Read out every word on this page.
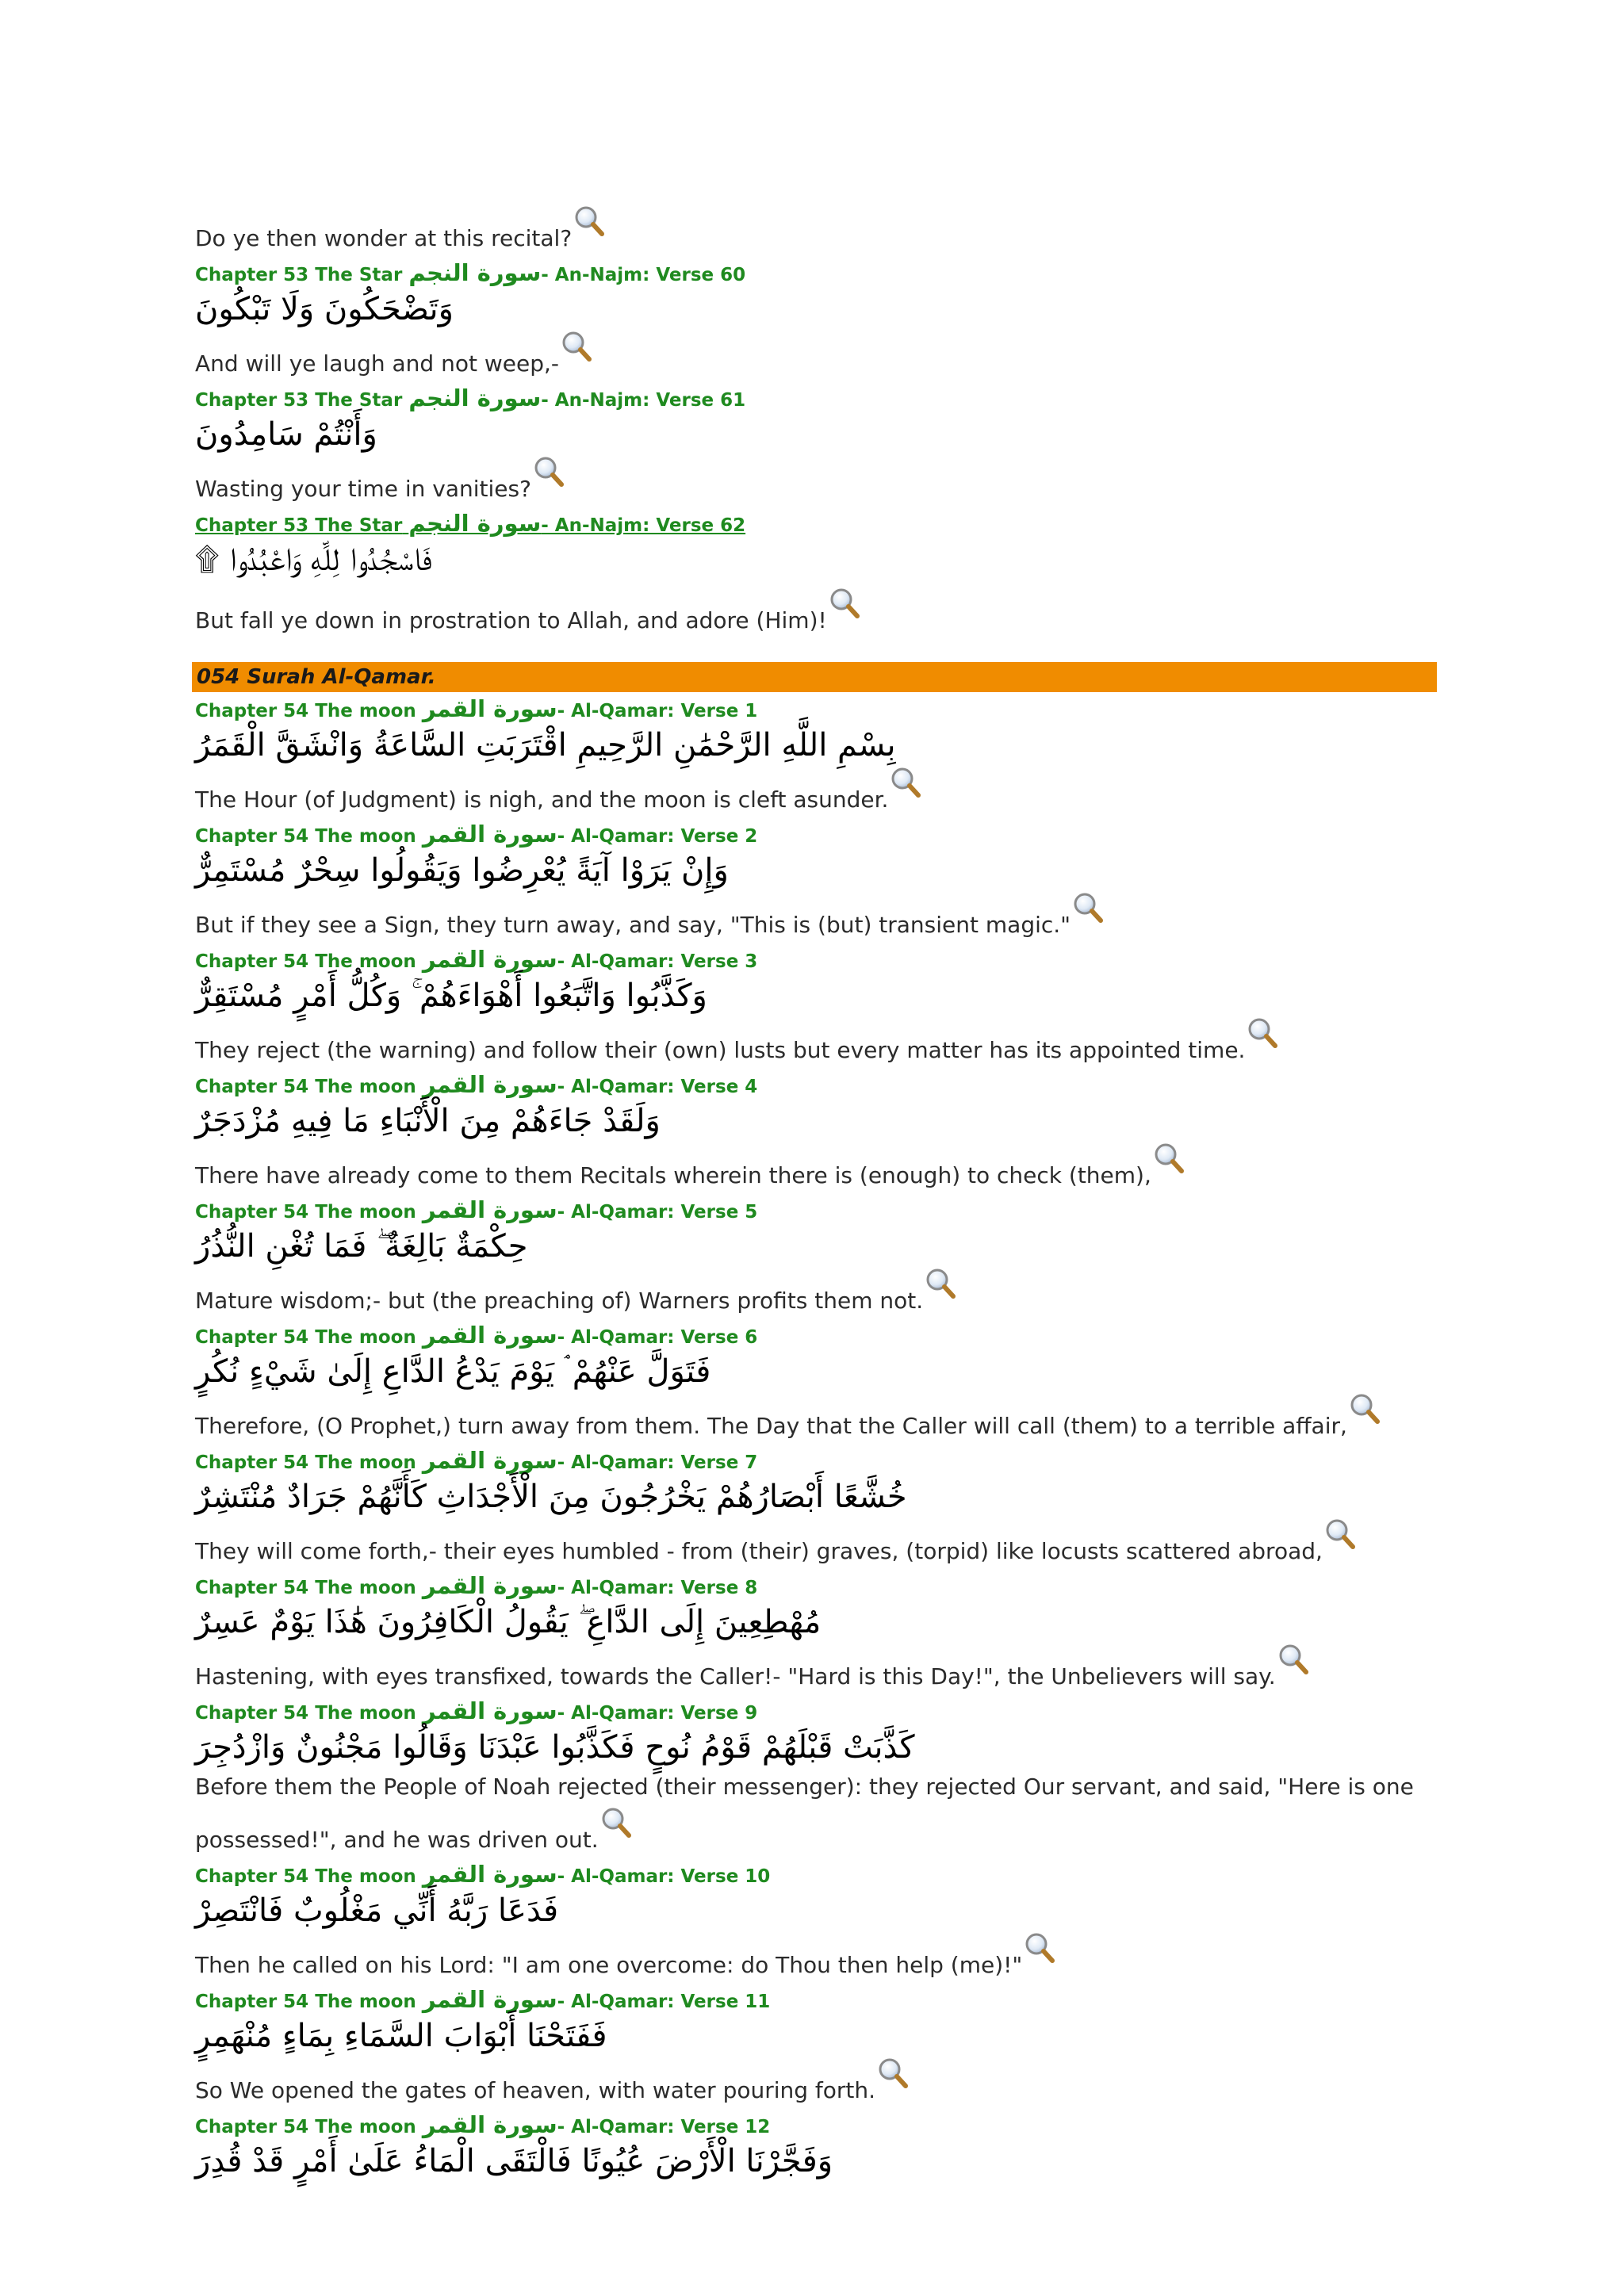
Do ye then wonder at this recital?
Chapter 53 The Star سورة النجم- An-Najm: Verse 60
وَتَضْحَكُونَ وَلَا تَبْكُونَ
And will ye laugh and not weep,-
Chapter 53 The Star سورة النجم- An-Najm: Verse 61
وَأَنْتُمْ سَامِدُونَ
Wasting your time in vanities?
Chapter 53 The Star سورة النجم- An-Najm: Verse 62
فَاسْجُدُوا لِلَّهِ وَاعْبُدُوا ۩
But fall ye down in prostration to Allah, and adore (Him)!
054 Surah Al-Qamar.
Chapter 54 The moon سورة القمر- Al-Qamar: Verse 1
بِسْمِ اللَّهِ الرَّحْمَٰنِ الرَّحِيمِ اقْتَرَبَتِ السَّاعَةُ وَانْشَقَّ الْقَمَرُ
The Hour (of Judgment) is nigh, and the moon is cleft asunder.
Chapter 54 The moon سورة القمر- Al-Qamar: Verse 2
وَإِنْ يَرَوْا آيَةً يُعْرِضُوا وَيَقُولُوا سِحْرٌ مُسْتَمِرٌّ
But if they see a Sign, they turn away, and say, "This is (but) transient magic."
Chapter 54 The moon سورة القمر- Al-Qamar: Verse 3
وَكَذَّبُوا وَاتَّبَعُوا أَهْوَاءَهُمْ ۚ وَكُلُّ أَمْرٍ مُسْتَقِرٌّ
They reject (the warning) and follow their (own) lusts but every matter has its appointed time.
Chapter 54 The moon سورة القمر- Al-Qamar: Verse 4
وَلَقَدْ جَاءَهُمْ مِنَ الْأَنْبَاءِ مَا فِيهِ مُزْدَجَرٌ
There have already come to them Recitals wherein there is (enough) to check (them),
Chapter 54 The moon سورة القمر- Al-Qamar: Verse 5
حِكْمَةٌ بَالِغَةٌ ۖ فَمَا تُغْنِ النُّذُرُ
Mature wisdom;- but (the preaching of) Warners profits them not.
Chapter 54 The moon سورة القمر- Al-Qamar: Verse 6
فَتَوَلَّ عَنْهُمْ ۘ يَوْمَ يَدْعُ الدَّاعِ إِلَىٰ شَيْءٍ نُكُرٍ
Therefore, (O Prophet,) turn away from them. The Day that the Caller will call (them) to a terrible affair,
Chapter 54 The moon سورة القمر- Al-Qamar: Verse 7
خُشَّعًا أَبْصَارُهُمْ يَخْرُجُونَ مِنَ الْأَجْدَاثِ كَأَنَّهُمْ جَرَادٌ مُنْتَشِرٌ
They will come forth,- their eyes humbled - from (their) graves, (torpid) like locusts scattered abroad,
Chapter 54 The moon سورة القمر- Al-Qamar: Verse 8
مُهْطِعِينَ إِلَى الدَّاعِ ۖ يَقُولُ الْكَافِرُونَ هَٰذَا يَوْمٌ عَسِرٌ
Hastening, with eyes transfixed, towards the Caller!- "Hard is this Day!", the Unbelievers will say.
Chapter 54 The moon سورة القمر- Al-Qamar: Verse 9
كَذَّبَتْ قَبْلَهُمْ قَوْمُ نُوحٍ فَكَذَّبُوا عَبْدَنَا وَقَالُوا مَجْنُونٌ وَازْدُجِرَ
Before them the People of Noah rejected (their messenger): they rejected Our servant, and said, "Here is one possessed!", and he was driven out.
Chapter 54 The moon سورة القمر- Al-Qamar: Verse 10
فَدَعَا رَبَّهُ أَنِّي مَغْلُوبٌ فَانْتَصِرْ
Then he called on his Lord: "I am one overcome: do Thou then help (me)!"
Chapter 54 The moon سورة القمر- Al-Qamar: Verse 11
فَفَتَحْنَا أَبْوَابَ السَّمَاءِ بِمَاءٍ مُنْهَمِرٍ
So We opened the gates of heaven, with water pouring forth.
Chapter 54 The moon سورة القمر- Al-Qamar: Verse 12
وَفَجَّرْنَا الْأَرْضَ عُيُونًا فَالْتَقَى الْمَاءُ عَلَىٰ أَمْرٍ قَدْ قُدِرَ
